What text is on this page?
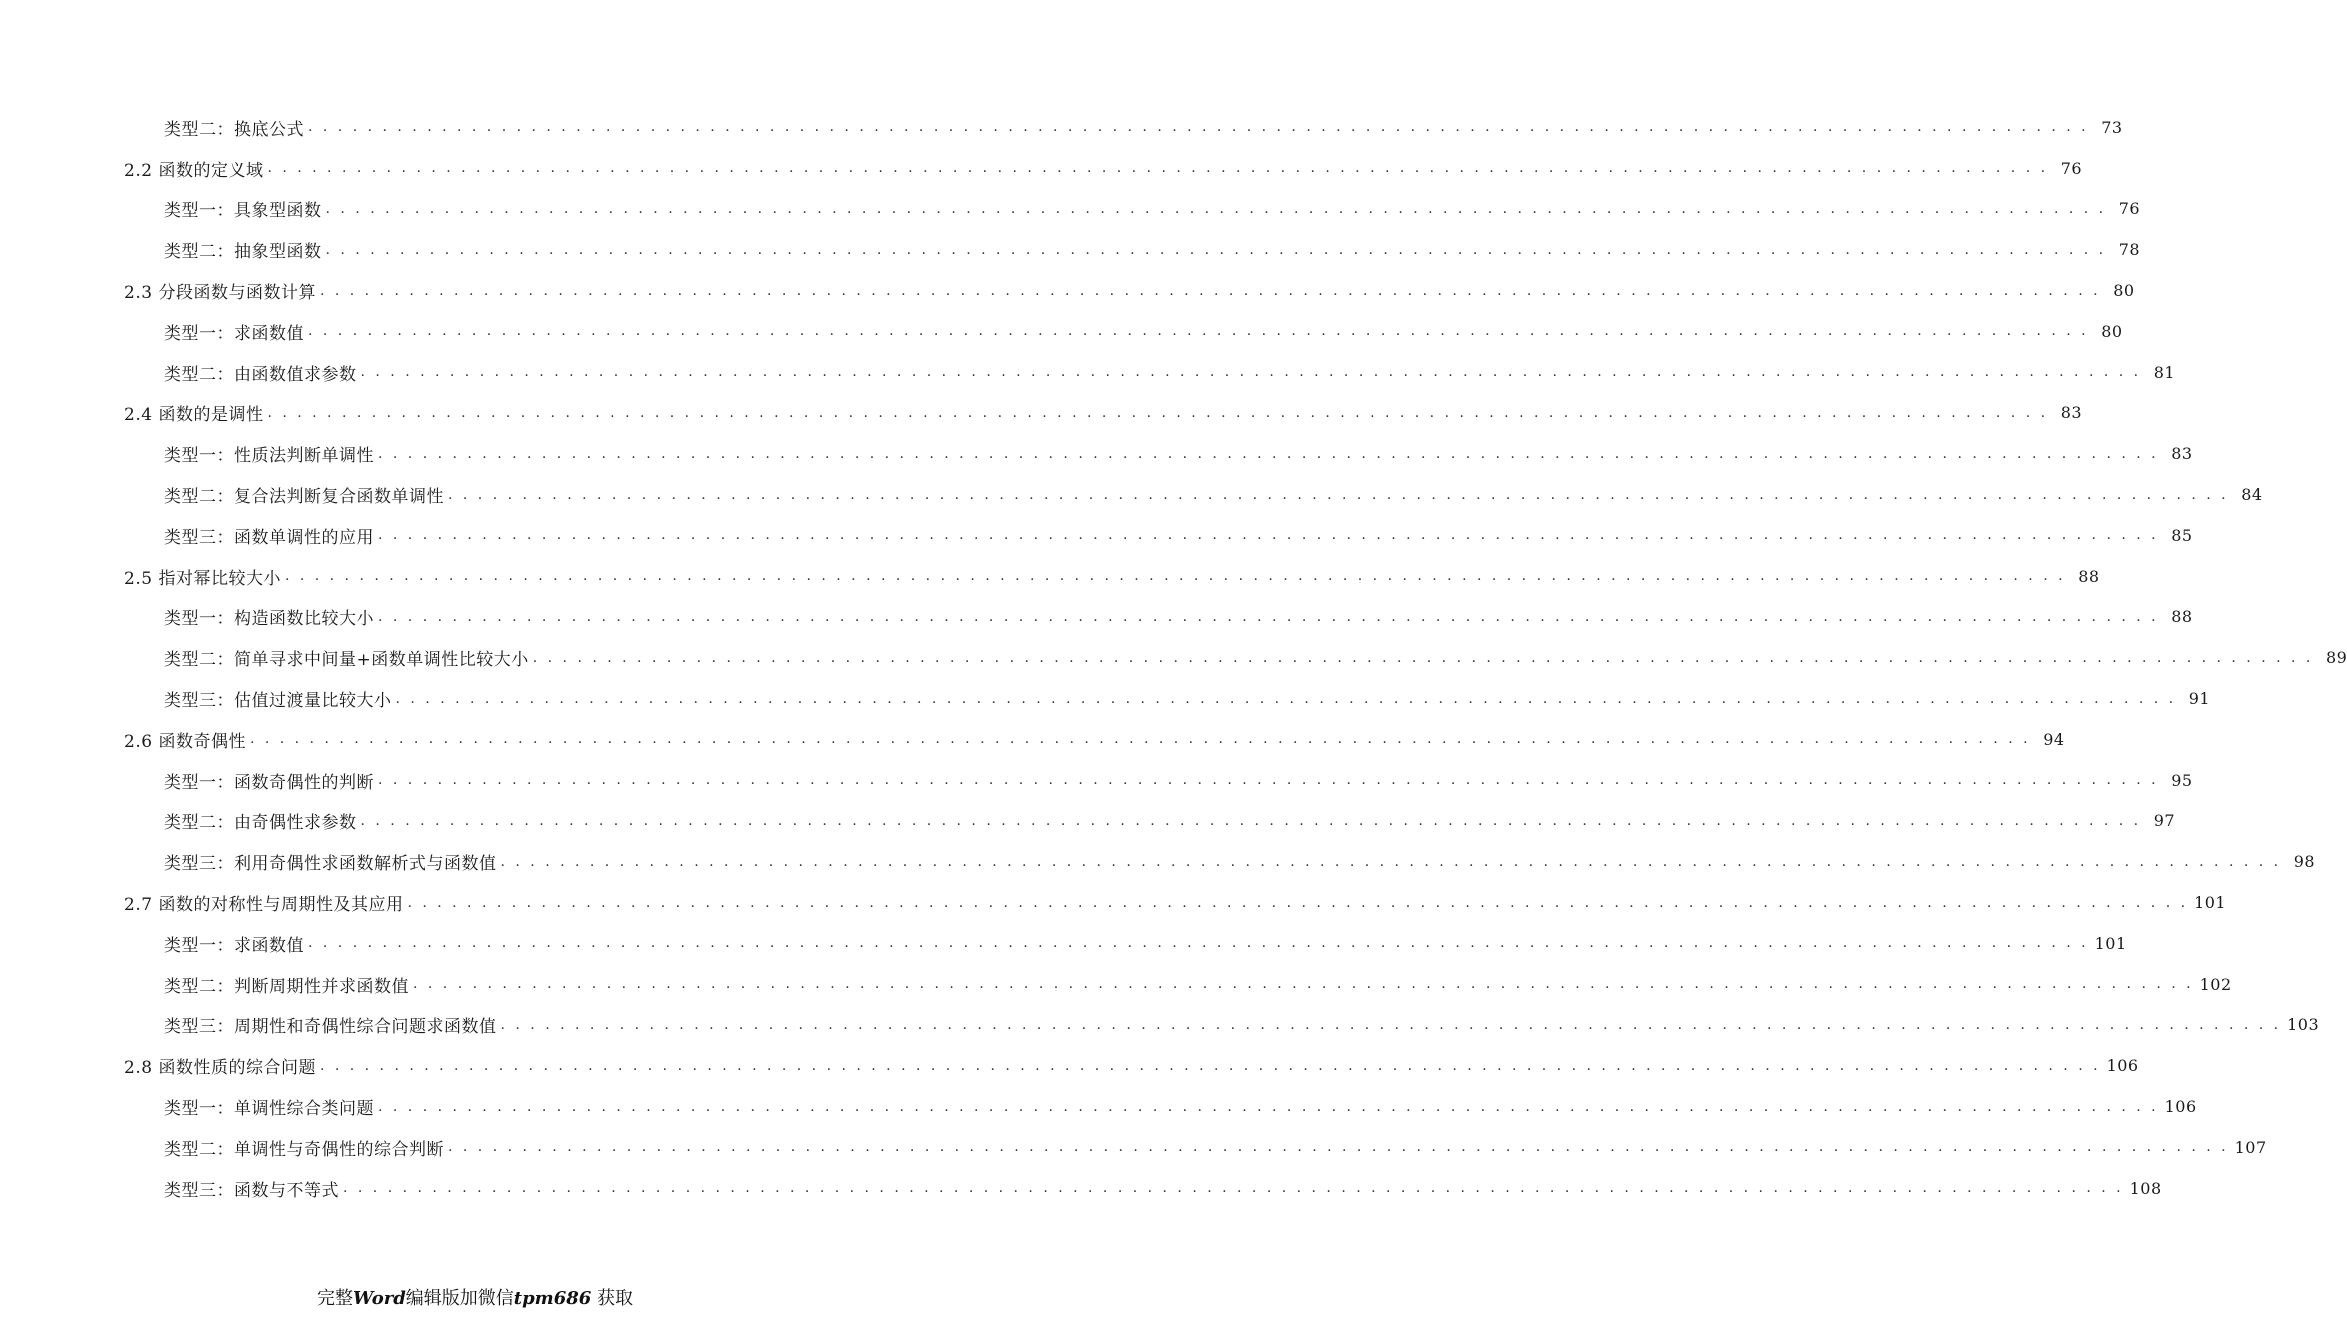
类型二：换底公式 . . . . . . . . . . . . . . . . . . . . . . . . . . . . . . . . . . . . . . . . . . . . . . . . . . . . . . . . . . . . . . . . . . . . . . . . . . . . . . . . . . . . . . . . . . . . . . . . . . . . . . . . . . . . . . . . . . . . . . . . 73
2.2 函数的定义域 . . . . . . . . . . . . . . . . . . . . . . . . . . . . . . . . . . . . . . . . . . . . . . . . . . . . . . . . . . . . . . . . . . . . . . . . . . . . . . . . . . . . . . . . . . . . . . . . . . . . . . . . . . . . . . . . . . . . . . . . 76
类型一：具象型函数 . . . . . . . . . . . . . . . . . . . . . . . . . . . . . . . . . . . . . . . . . . . . . . . . . . . . . . . . . . . . . . . . . . . . . . . . . . . . . . . . . . . . . . . . . . . . . . . . . . . . . . . . . . . . . . . . . . . . . . . . 76
类型二：抽象型函数 . . . . . . . . . . . . . . . . . . . . . . . . . . . . . . . . . . . . . . . . . . . . . . . . . . . . . . . . . . . . . . . . . . . . . . . . . . . . . . . . . . . . . . . . . . . . . . . . . . . . . . . . . . . . . . . . . . . . . . . . 78
2.3 分段函数与函数计算 . . . . . . . . . . . . . . . . . . . . . . . . . . . . . . . . . . . . . . . . . . . . . . . . . . . . . . . . . . . . . . . . . . . . . . . . . . . . . . . . . . . . . . . . . . . . . . . . . . . . . . . . . . . . . . . . . . . . . . . . 80
类型一：求函数值 . . . . . . . . . . . . . . . . . . . . . . . . . . . . . . . . . . . . . . . . . . . . . . . . . . . . . . . . . . . . . . . . . . . . . . . . . . . . . . . . . . . . . . . . . . . . . . . . . . . . . . . . . . . . . . . . . . . . . . . . 80
类型二：由函数值求参数 . . . . . . . . . . . . . . . . . . . . . . . . . . . . . . . . . . . . . . . . . . . . . . . . . . . . . . . . . . . . . . . . . . . . . . . . . . . . . . . . . . . . . . . . . . . . . . . . . . . . . . . . . . . . . . . . . . . . . . . . 81
2.4 函数的是调性 . . . . . . . . . . . . . . . . . . . . . . . . . . . . . . . . . . . . . . . . . . . . . . . . . . . . . . . . . . . . . . . . . . . . . . . . . . . . . . . . . . . . . . . . . . . . . . . . . . . . . . . . . . . . . . . . . . . . . . . . 83
类型一：性质法判断单调性 . . . . . . . . . . . . . . . . . . . . . . . . . . . . . . . . . . . . . . . . . . . . . . . . . . . . . . . . . . . . . . . . . . . . . . . . . . . . . . . . . . . . . . . . . . . . . . . . . . . . . . . . . . . . . . . . . . . . . . . . 83
类型二：复合法判断复合函数单调性 . . . . . . . . . . . . . . . . . . . . . . . . . . . . . . . . . . . . . . . . . . . . . . . . . . . . . . . . . . . . . . . . . . . . . . . . . . . . . . . . . . . . . . . . . . . . . . . . . . . . . . . . . . . . . . . . . . . . . . . . 84
类型三：函数单调性的应用 . . . . . . . . . . . . . . . . . . . . . . . . . . . . . . . . . . . . . . . . . . . . . . . . . . . . . . . . . . . . . . . . . . . . . . . . . . . . . . . . . . . . . . . . . . . . . . . . . . . . . . . . . . . . . . . . . . . . . . . . 85
2.5 指对幂比较大小 . . . . . . . . . . . . . . . . . . . . . . . . . . . . . . . . . . . . . . . . . . . . . . . . . . . . . . . . . . . . . . . . . . . . . . . . . . . . . . . . . . . . . . . . . . . . . . . . . . . . . . . . . . . . . . . . . . . . . . . . 88
类型一：构造函数比较大小 . . . . . . . . . . . . . . . . . . . . . . . . . . . . . . . . . . . . . . . . . . . . . . . . . . . . . . . . . . . . . . . . . . . . . . . . . . . . . . . . . . . . . . . . . . . . . . . . . . . . . . . . . . . . . . . . . . . . . . . . 88
类型二：简单寻求中间量+函数单调性比较大小 . . . . . . . . . . . . . . . . . . . . . . . . . . . . . . . . . . . . . . . . . . . . . . . . . . . . . . . . . . . . . . . . . . . . . . . . . . . . . . . . . . . . . . . . . . . . . . . . . . . . . . . . . . . . . . . . . . . . . . . . 89
类型三：估值过渡量比较大小 . . . . . . . . . . . . . . . . . . . . . . . . . . . . . . . . . . . . . . . . . . . . . . . . . . . . . . . . . . . . . . . . . . . . . . . . . . . . . . . . . . . . . . . . . . . . . . . . . . . . . . . . . . . . . . . . . . . . . . . . 91
2.6 函数奇偶性 . . . . . . . . . . . . . . . . . . . . . . . . . . . . . . . . . . . . . . . . . . . . . . . . . . . . . . . . . . . . . . . . . . . . . . . . . . . . . . . . . . . . . . . . . . . . . . . . . . . . . . . . . . . . . . . . . . . . . . . . 94
类型一：函数奇偶性的判断 . . . . . . . . . . . . . . . . . . . . . . . . . . . . . . . . . . . . . . . . . . . . . . . . . . . . . . . . . . . . . . . . . . . . . . . . . . . . . . . . . . . . . . . . . . . . . . . . . . . . . . . . . . . . . . . . . . . . . . . . 95
类型二：由奇偶性求参数 . . . . . . . . . . . . . . . . . . . . . . . . . . . . . . . . . . . . . . . . . . . . . . . . . . . . . . . . . . . . . . . . . . . . . . . . . . . . . . . . . . . . . . . . . . . . . . . . . . . . . . . . . . . . . . . . . . . . . . . . 97
类型三：利用奇偶性求函数解析式与函数值 . . . . . . . . . . . . . . . . . . . . . . . . . . . . . . . . . . . . . . . . . . . . . . . . . . . . . . . . . . . . . . . . . . . . . . . . . . . . . . . . . . . . . . . . . . . . . . . . . . . . . . . . . . . . . . . . . . . . . . . . 98
2.7 函数的对称性与周期性及其应用 . . . . . . . . . . . . . . . . . . . . . . . . . . . . . . . . . . . . . . . . . . . . . . . . . . . . . . . . . . . . . . . . . . . . . . . . . . . . . . . . . . . . . . . . . . . . . . . . . . . . . . . . . . . . . . . . . . . . . . . . 101
类型一：求函数值 . . . . . . . . . . . . . . . . . . . . . . . . . . . . . . . . . . . . . . . . . . . . . . . . . . . . . . . . . . . . . . . . . . . . . . . . . . . . . . . . . . . . . . . . . . . . . . . . . . . . . . . . . . . . . . . . . . . . . . . . 101
类型二：判断周期性并求函数值 . . . . . . . . . . . . . . . . . . . . . . . . . . . . . . . . . . . . . . . . . . . . . . . . . . . . . . . . . . . . . . . . . . . . . . . . . . . . . . . . . . . . . . . . . . . . . . . . . . . . . . . . . . . . . . . . . . . . . . . . 102
类型三：周期性和奇偶性综合问题求函数值 . . . . . . . . . . . . . . . . . . . . . . . . . . . . . . . . . . . . . . . . . . . . . . . . . . . . . . . . . . . . . . . . . . . . . . . . . . . . . . . . . . . . . . . . . . . . . . . . . . . . . . . . . . . . . . . . . . . . . . . . 103
2.8 函数性质的综合问题 . . . . . . . . . . . . . . . . . . . . . . . . . . . . . . . . . . . . . . . . . . . . . . . . . . . . . . . . . . . . . . . . . . . . . . . . . . . . . . . . . . . . . . . . . . . . . . . . . . . . . . . . . . . . . . . . . . . . . . . . 106
类型一：单调性综合类问题 . . . . . . . . . . . . . . . . . . . . . . . . . . . . . . . . . . . . . . . . . . . . . . . . . . . . . . . . . . . . . . . . . . . . . . . . . . . . . . . . . . . . . . . . . . . . . . . . . . . . . . . . . . . . . . . . . . . . . . . . 106
类型二：单调性与奇偶性的综合判断 . . . . . . . . . . . . . . . . . . . . . . . . . . . . . . . . . . . . . . . . . . . . . . . . . . . . . . . . . . . . . . . . . . . . . . . . . . . . . . . . . . . . . . . . . . . . . . . . . . . . . . . . . . . . . . . . . . . . . . . . 107
类型三：函数与不等式 . . . . . . . . . . . . . . . . . . . . . . . . . . . . . . . . . . . . . . . . . . . . . . . . . . . . . . . . . . . . . . . . . . . . . . . . . . . . . . . . . . . . . . . . . . . . . . . . . . . . . . . . . . . . . . . . . . . . . . . . 108
完整Word编辑版加微信tpm686 获取
